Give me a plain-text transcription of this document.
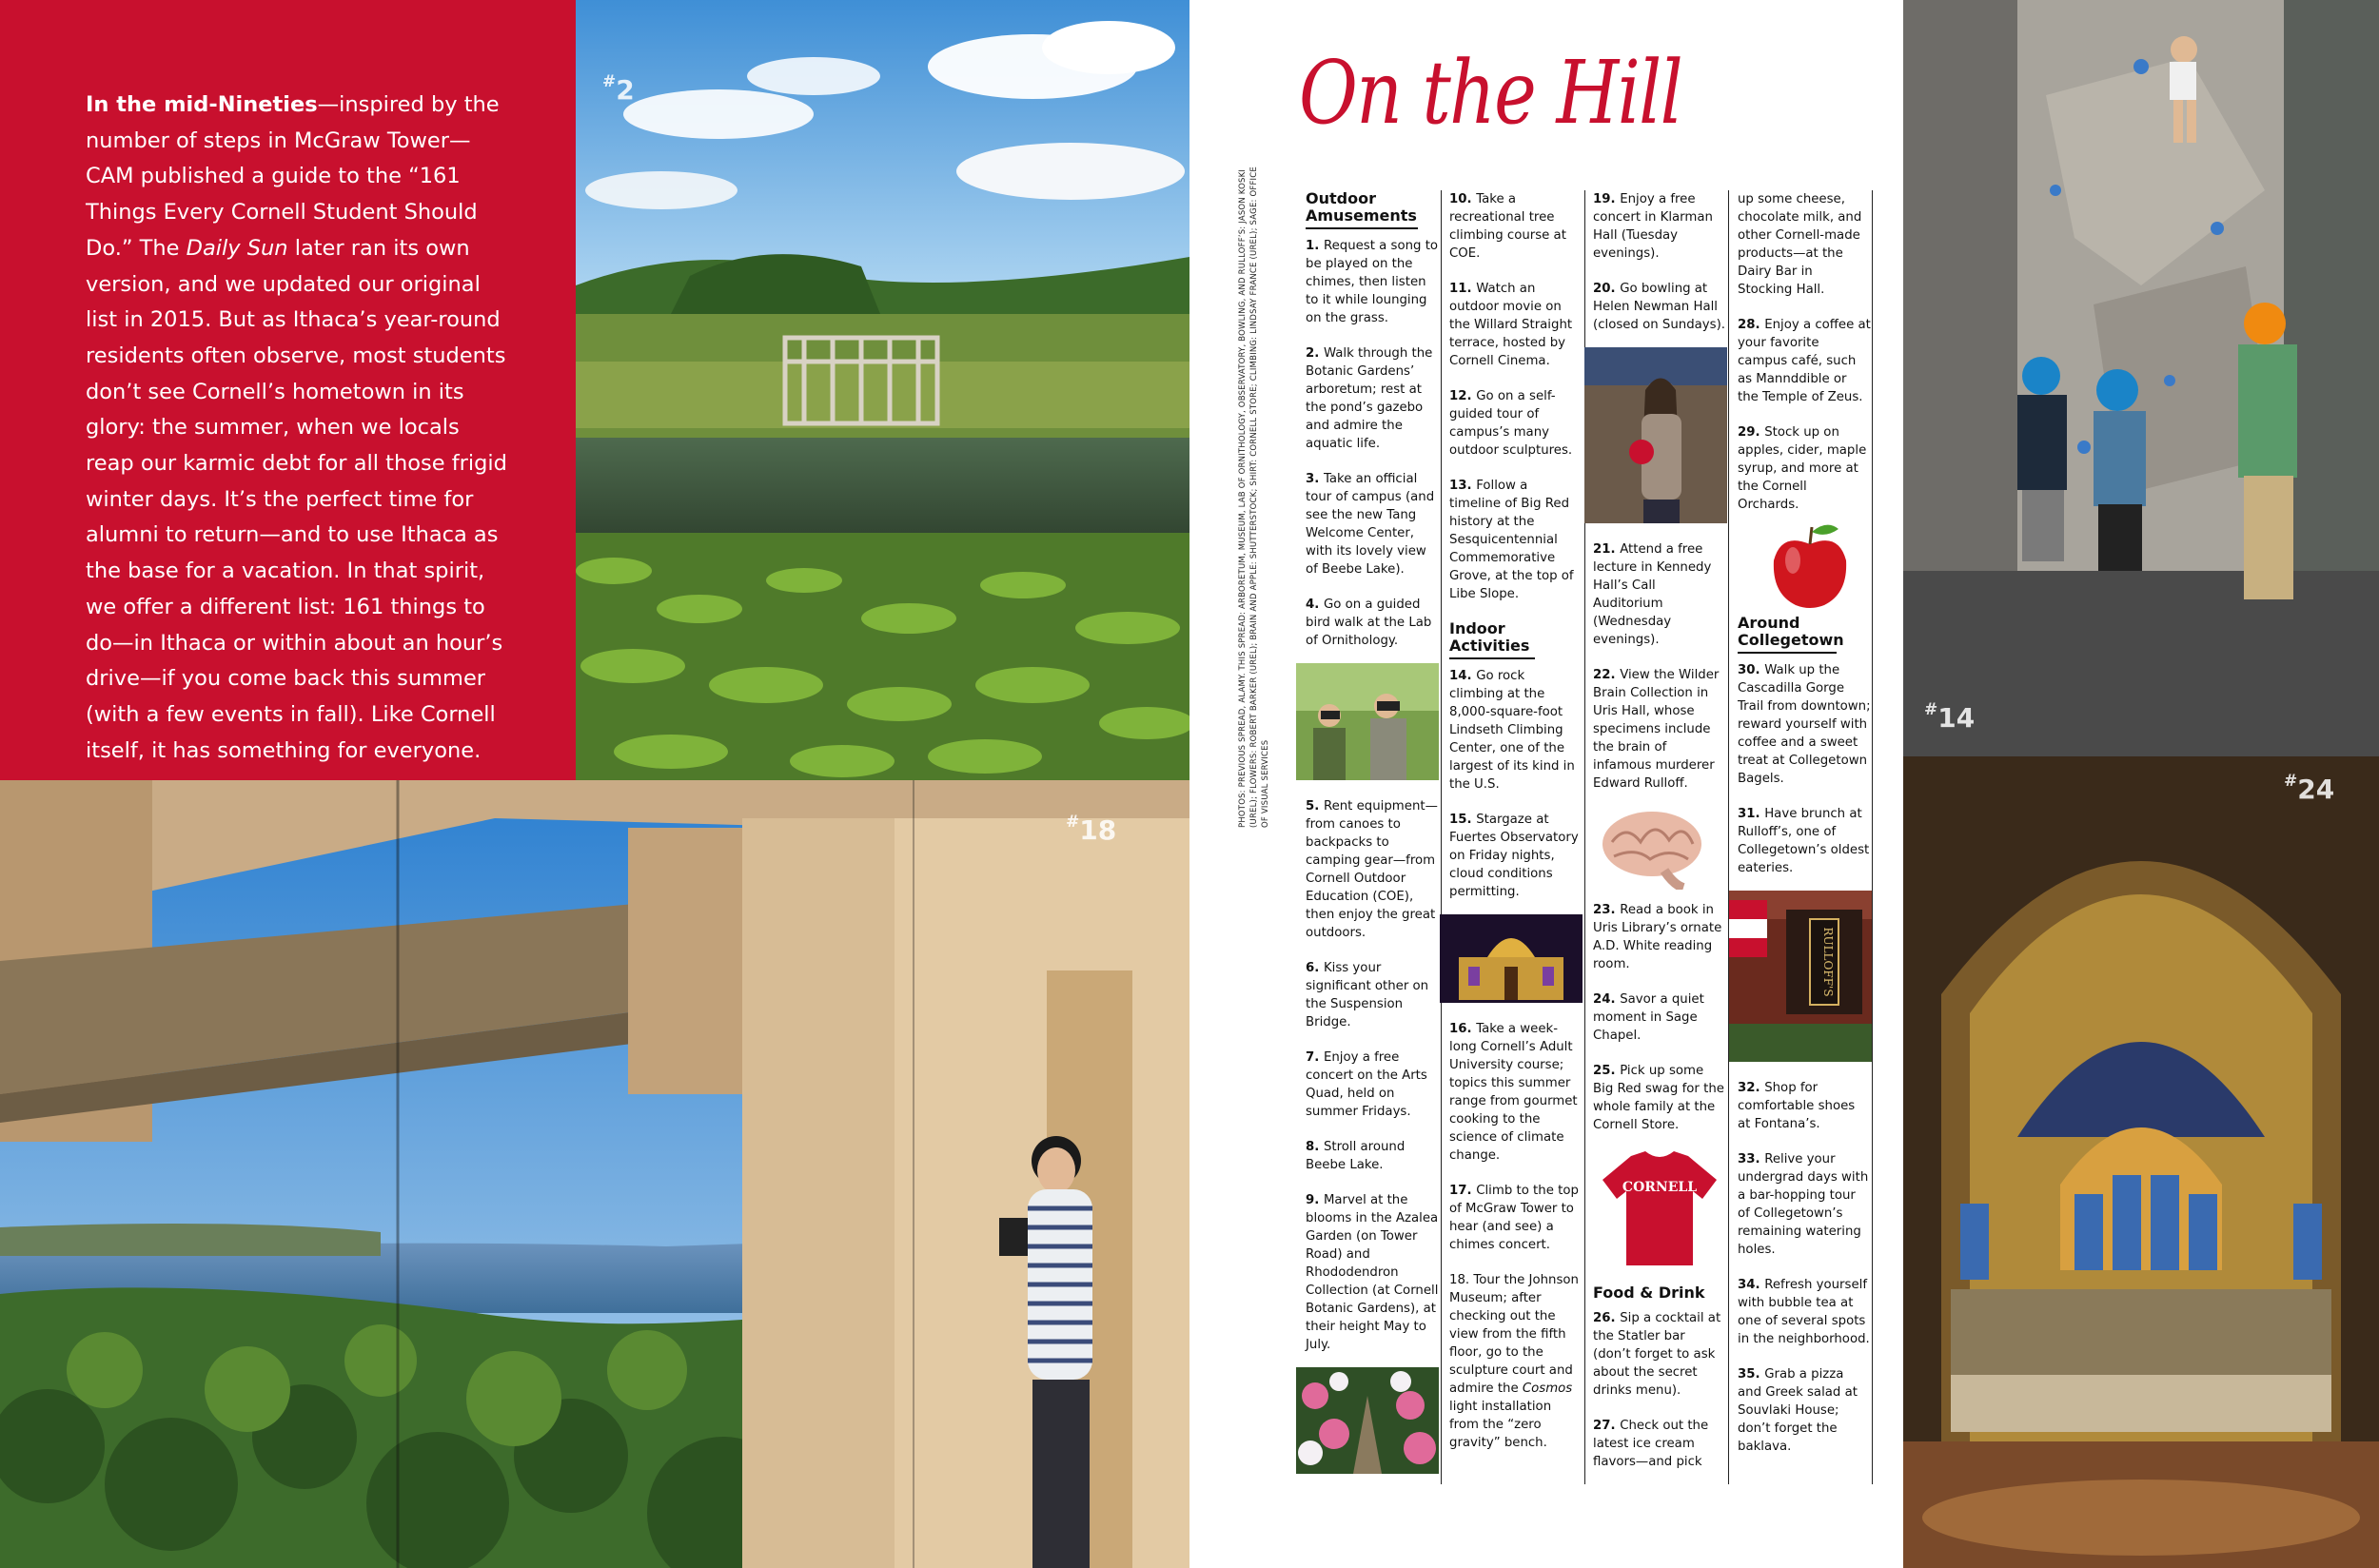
In the mid-Nineties—inspired by the number of steps in McGraw Tower—CAM published a guide to the “161 Things Every Cornell Student Should Do.” The Daily Sun later ran its own version, and we updated our original list in 2015. But as Ithaca’s year-round residents often observe, most students don’t see Cornell’s hometown in its glory: the summer, when we locals reap our karmic debt for all those frigid winter days. It’s the perfect time for alumni to return—and to use Ithaca as the base for a vacation. In that spirit, we offer a different list: 161 things to do—in Ithaca or within about an hour’s drive—if you come back this summer (with a few events in fall). Like Cornell itself, it has something for everyone.

#2
#18
On the Hill
Outdoor Amusements

1. Request a song to be played on the chimes, then listen to it while lounging on the grass.

2. Walk through the Botanic Gardens’ arboretum; rest at the pond’s gazebo and admire the aquatic life.

3. Take an official tour of campus (and see the new Tang Welcome Center, with its lovely view of Beebe Lake).

4. Go on a guided bird walk at the Lab of Ornithology.

5. Rent equipment—from canoes to backpacks to camping gear—from Cornell Outdoor Education (COE), then enjoy the great outdoors.

6. Kiss your significant other on the Suspension Bridge.

7. Enjoy a free concert on the Arts Quad, held on summer Fridays.

8. Stroll around Beebe Lake.

9. Marvel at the blooms in the Azalea Garden (on Tower Road) and Rhododendron Collection (at Cornell Botanic Gardens), at their height May to July.

10. Take a recreational tree climbing course at COE.

11. Watch an outdoor movie on the Willard Straight terrace, hosted by Cornell Cinema.

12. Go on a self-guided tour of campus’s many outdoor sculptures.

13. Follow a timeline of Big Red history at the Sesquicentennial Commemorative Grove, at the top of Libe Slope.

Indoor Activities

14. Go rock climbing at the 8,000-square-foot Lindseth Climbing Center, one of the largest of its kind in the U.S.

15. Stargaze at Fuertes Observatory on Friday nights, cloud conditions permitting.

16. Take a week-long Cornell’s Adult University course; topics this summer range from gourmet cooking to the science of climate change.

17. Climb to the top of McGraw Tower to hear (and see) a chimes concert.

18. Tour the Johnson Museum; after checking out the view from the fifth floor, go to the sculpture court and admire the Cosmos light installation from the “zero gravity” bench.

19. Enjoy a free concert in Klarman Hall (Tuesday evenings).

20. Go bowling at Helen Newman Hall (closed on Sundays).

21. Attend a free lecture in Kennedy Hall’s Call Auditorium (Wednesday evenings).

22. View the Wilder Brain Collection in Uris Hall, whose specimens include the brain of infamous murderer Edward Rulloff.

23. Read a book in Uris Library’s ornate A.D. White reading room.

24. Savor a quiet moment in Sage Chapel.

25. Pick up some Big Red swag for the whole family at the Cornell Store.

CORNELL
Food & Drink

26. Sip a cocktail at the Statler bar (don’t forget to ask about the secret drinks menu).

27. Check out the latest ice cream flavors—and pick

up some cheese, chocolate milk, and other Cornell-made products—at the Dairy Bar in Stocking Hall.

28. Enjoy a coffee at your favorite campus café, such as Mannddible or the Temple of Zeus.

29. Stock up on apples, cider, maple syrup, and more at the Cornell Orchards.

Around Collegetown

30. Walk up the Cascadilla Gorge Trail from downtown; reward yourself with coffee and a sweet treat at Collegetown Bagels.

31. Have brunch at Rulloff’s, one of Collegetown’s oldest eateries.

RULLOFF'S

32. Shop for comfortable shoes at Fontana’s.

33. Relive your undergrad days with a bar-hopping tour of Collegetown’s remaining watering holes.

34. Refresh yourself with bubble tea at one of several spots in the neighborhood.

35. Grab a pizza and Greek salad at Souvlaki House; don’t forget the baklava.

PHOTOS: PREVIOUS SPREAD, ALAMY. THIS SPREAD: ARBORETUM, MUSEUM, LAB OF ORNITHOLOGY, OBSERVATORY, BOWLING, AND RULLOFF’S: JASON KOSKI (UREL); FLOWERS: ROBERT BARKER (UREL); BRAIN AND APPLE: SHUTTERSTOCK; SHIRT: CORNELL STORE; CLIMBING: LINDSAY FRANCE (UREL); SAGE: OFFICE OF VISUAL SERVICES
#14
#24
